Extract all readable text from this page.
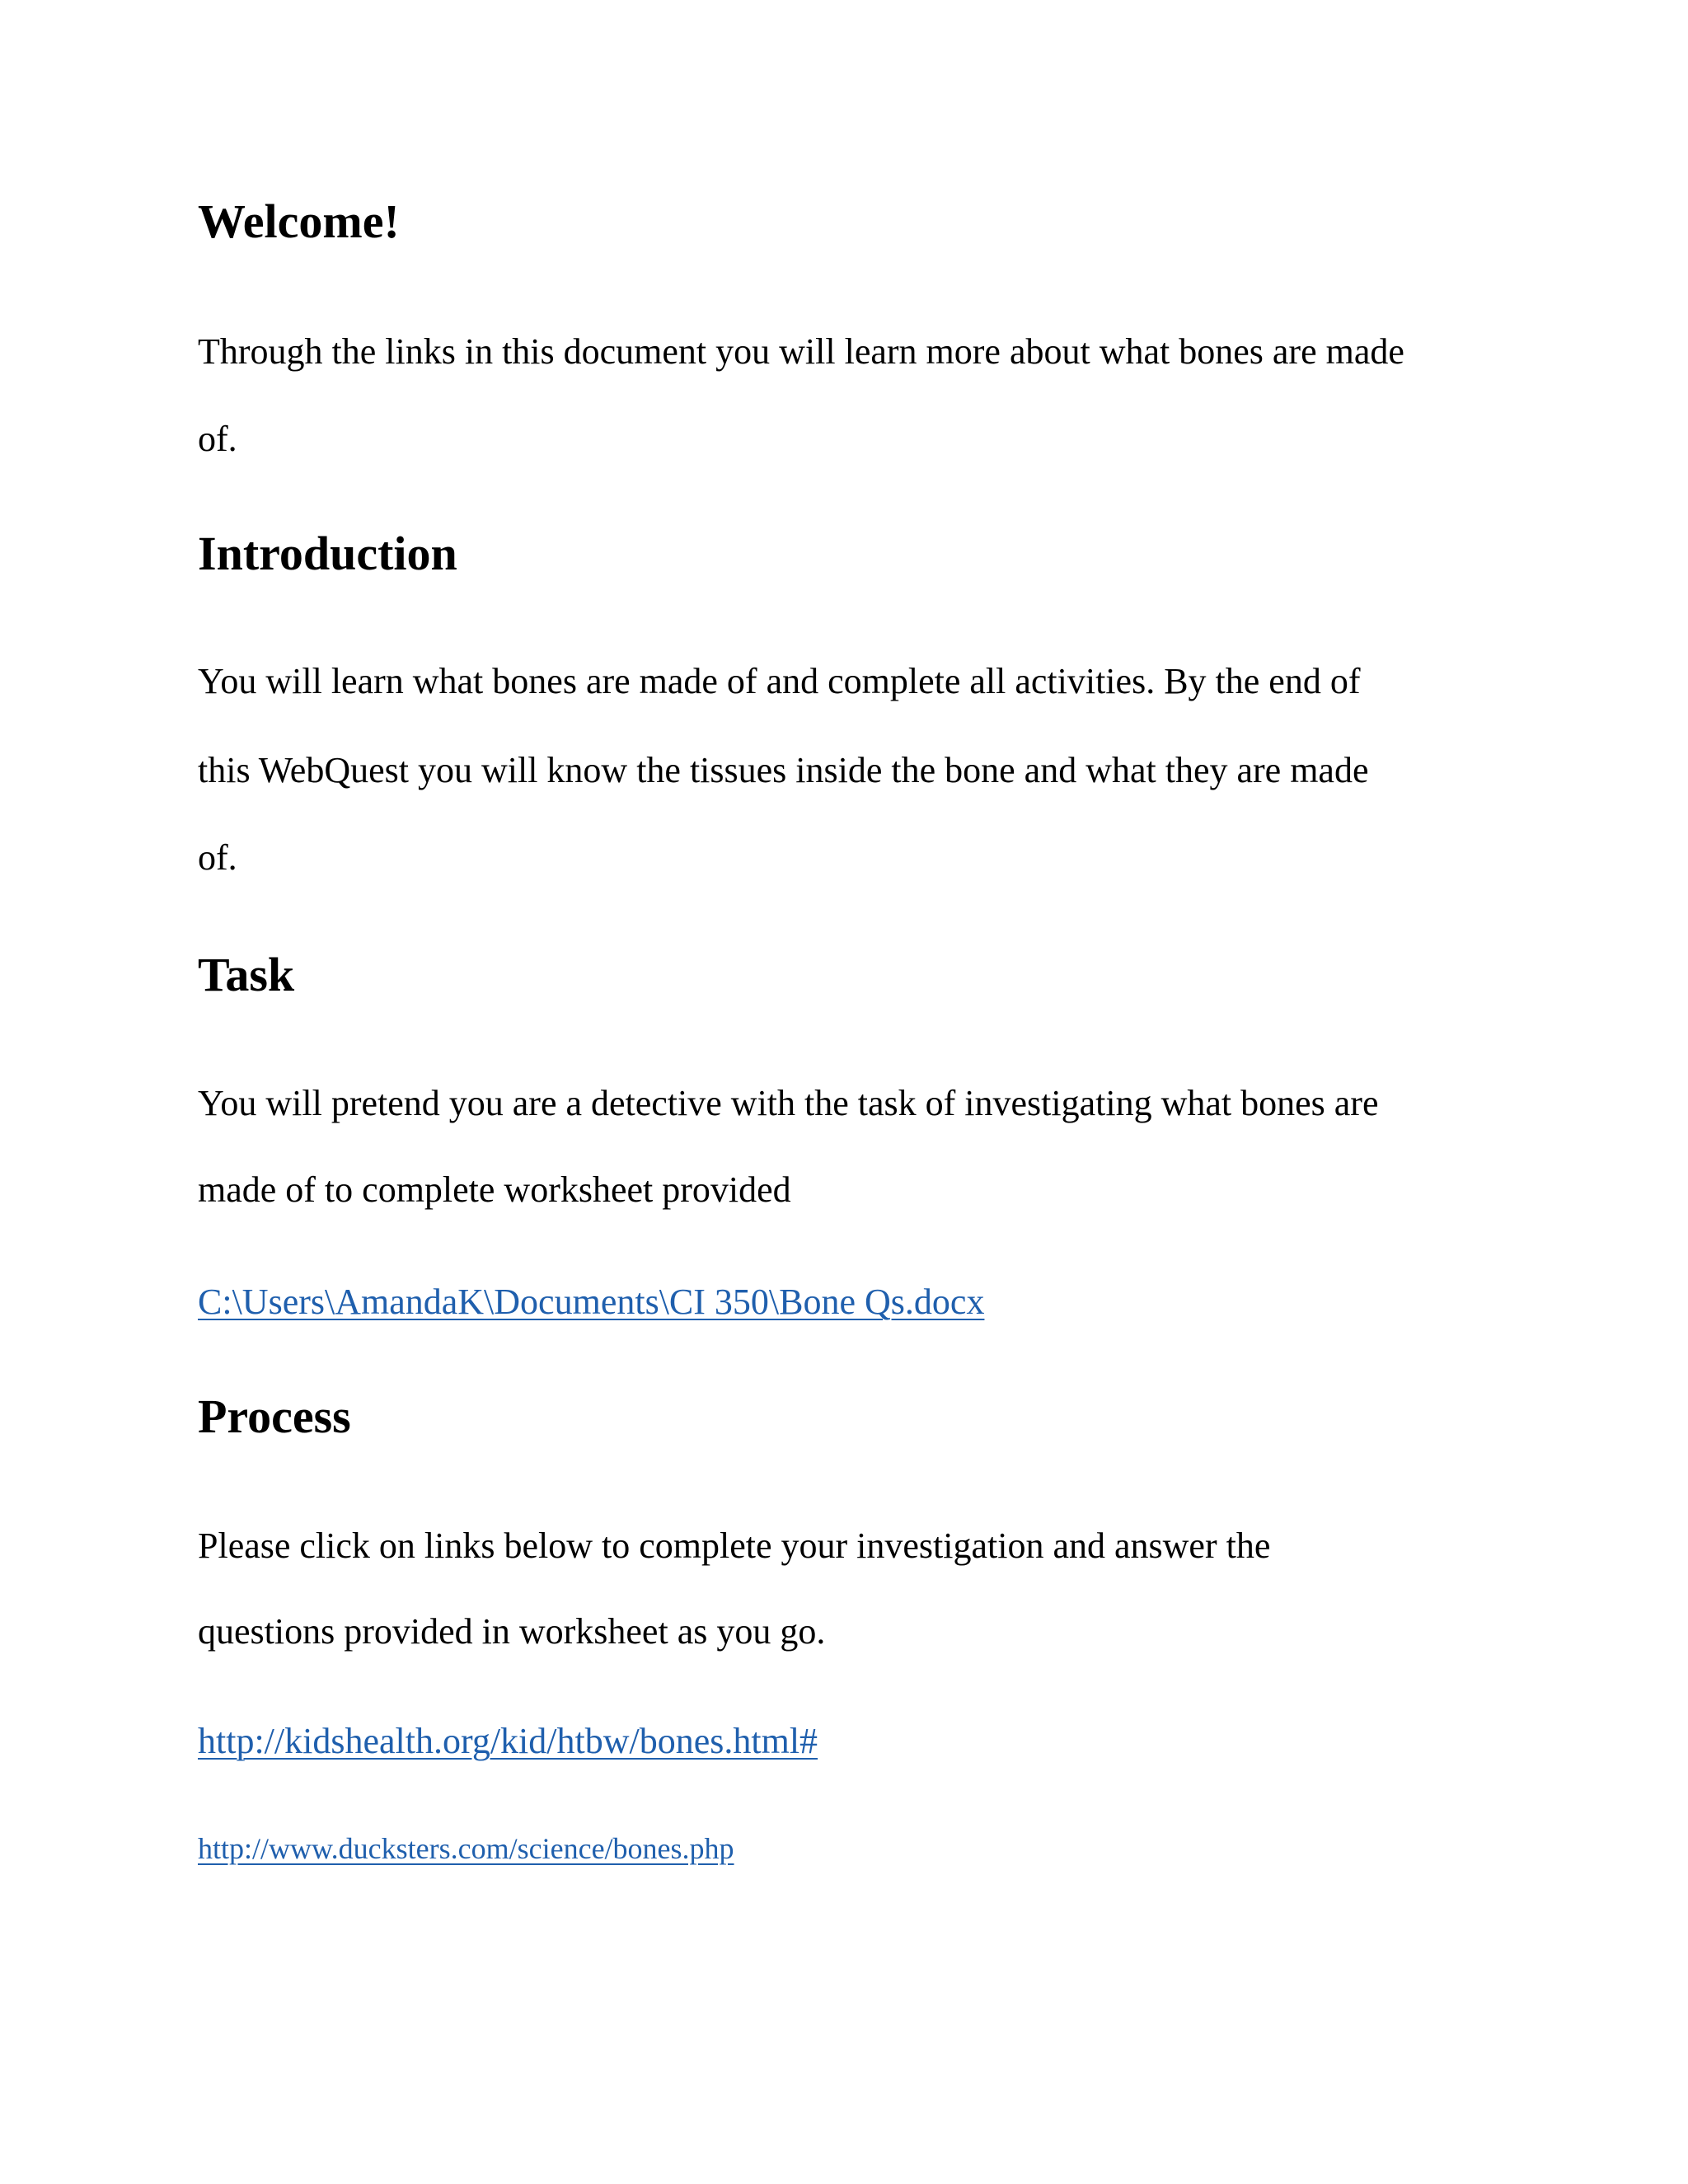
Welcome!

Through the links in this document you will learn more about what bones are made

of.

Introduction

You will learn what bones are made of and complete all activities. By the end of

this WebQuest you will know the tissues inside the bone and what they are made

of.

Task

You will pretend you are a detective with the task of investigating what bones are

made of to complete worksheet provided

C:\Users\AmandaK\Documents\CI 350\Bone Qs.docx
Process

Please click on links below to complete your investigation and answer the

questions provided in worksheet as you go.

http://kidshealth.org/kid/htbw/bones.html#
http://www.ducksters.com/science/bones.php
